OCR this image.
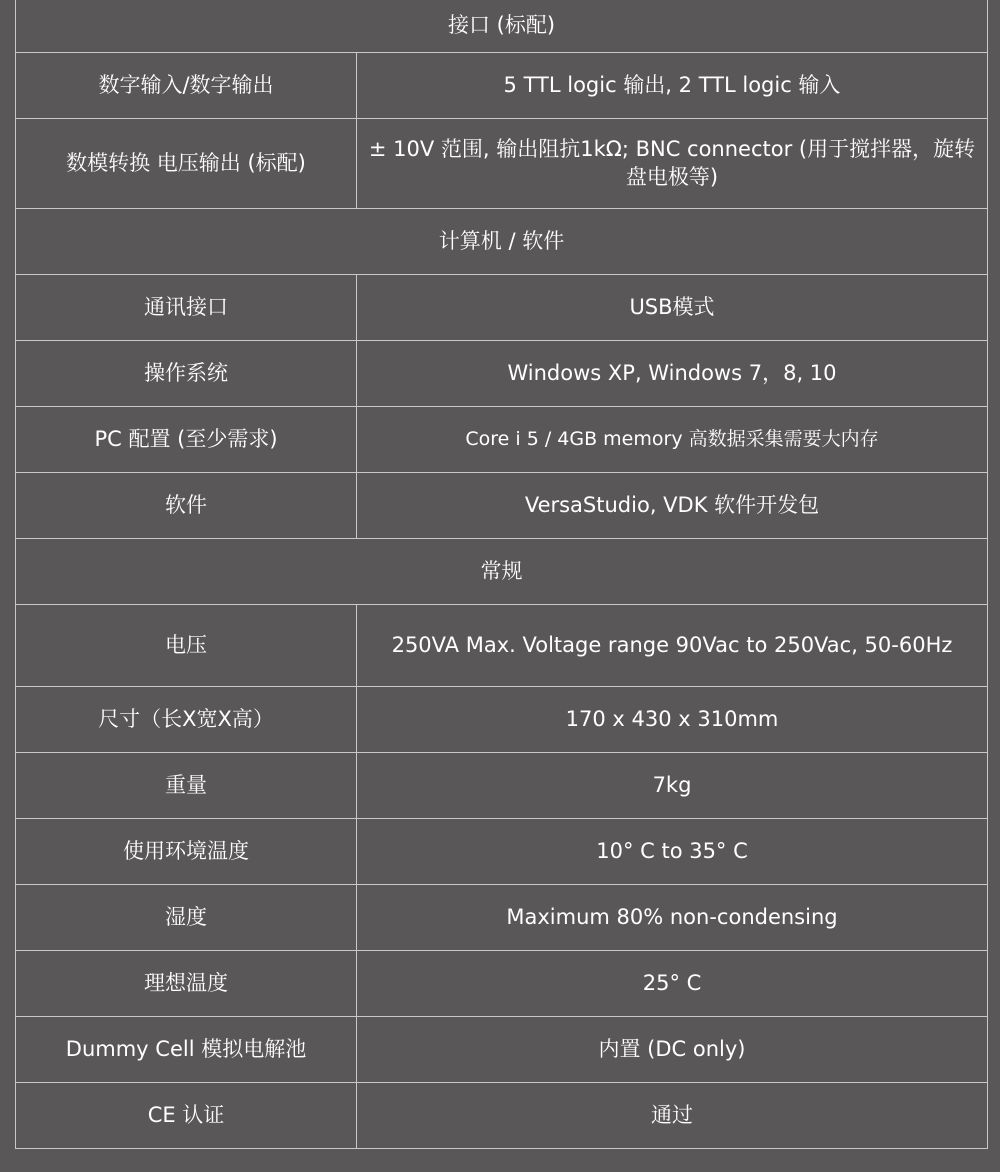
接口 (标配)	
数字输入/数字输出	5 TTL logic 输出, 2 TTL logic 输入
数模转换 电压输出 (标配)	± 10V 范围, 输出阻抗1kΩ; BNC connector (用于搅拌器，旋转盘电极等)
计算机 / 软件	
通讯接口	USB模式
操作系统	Windows XP, Windows 7，8, 10
PC 配置 (至少需求)	Core i 5 / 4GB memory 高数据采集需要大内存
软件	VersaStudio, VDK 软件开发包
常规	
电压	250VA Max. Voltage range 90Vac to 250Vac, 50-60Hz
尺寸（长X宽X高）	170 x 430 x 310mm
重量	7kg
使用环境温度	10° C to 35° C
湿度	Maximum 80% non-condensing
理想温度	25° C
Dummy Cell 模拟电解池	内置 (DC only)
CE 认证	通过
